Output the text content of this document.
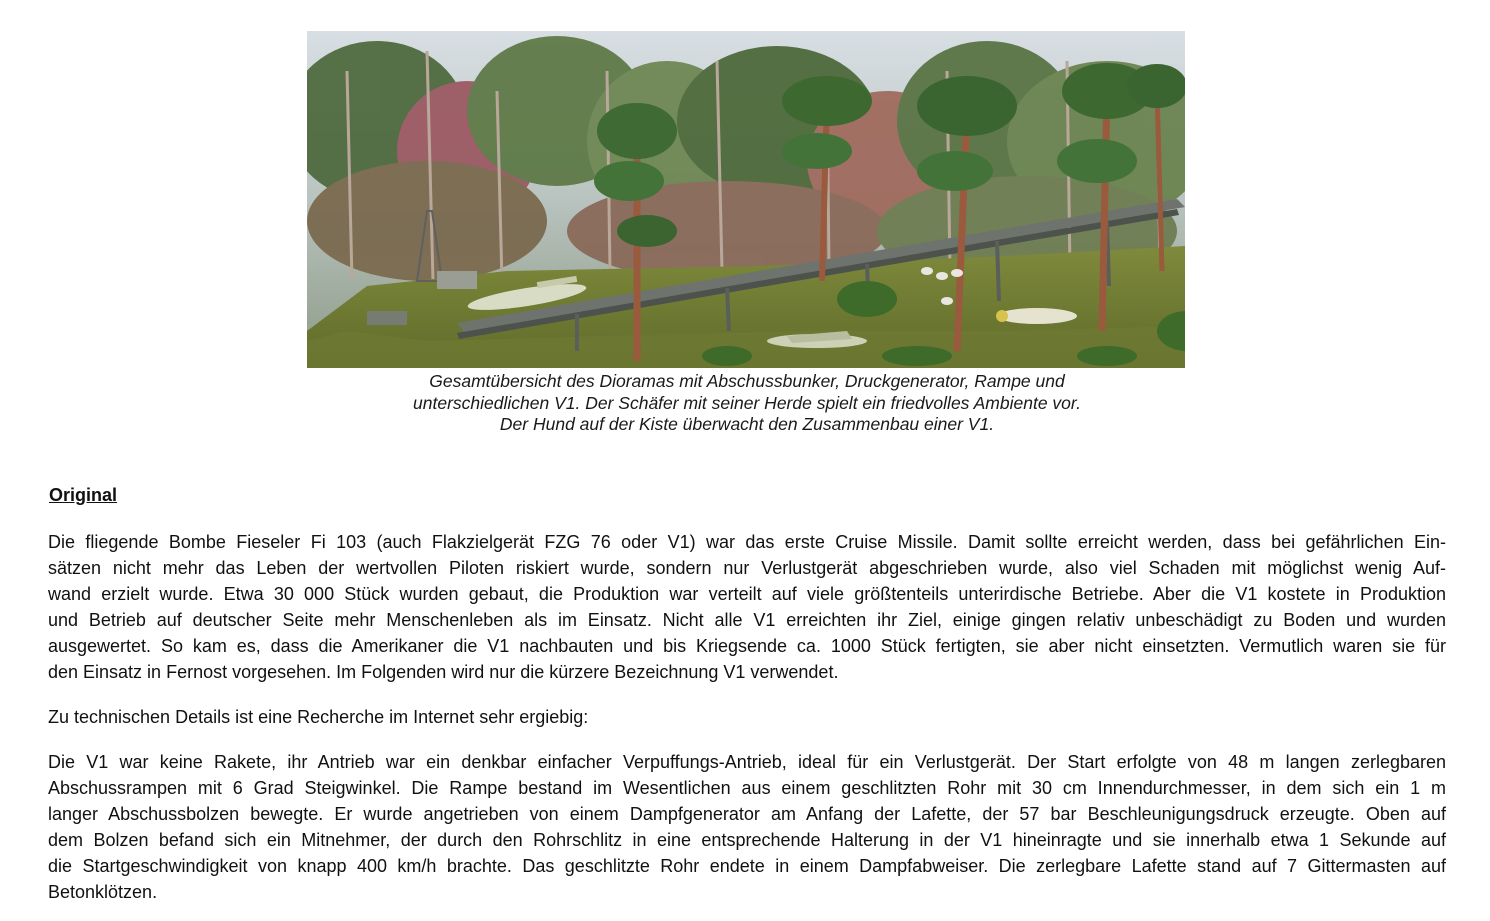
Gesamtübersicht des Dioramas mit Abschussbunker, Druckgenerator, Rampe und
unterschiedlichen V1. Der Schäfer mit seiner Herde spielt ein friedvolles Ambiente vor.
Der Hund auf der Kiste überwacht den Zusammenbau einer V1.
Original
Die fliegende Bombe Fieseler Fi 103 (auch Flakzielgerät FZG 76 oder V1) war das erste Cruise Missile. Damit sollte erreicht werden, dass bei gefährlichen Ein-
sätzen nicht mehr das Leben der wertvollen Piloten riskiert wurde, sondern nur Verlustgerät abgeschrieben wurde, also viel Schaden mit möglichst wenig Auf-
wand erzielt wurde. Etwa 30 000 Stück wurden gebaut, die Produktion war verteilt auf viele größtenteils unterirdische Betriebe. Aber die V1 kostete in Produktion
und Betrieb auf deutscher Seite mehr Menschenleben als im Einsatz. Nicht alle V1 erreichten ihr Ziel, einige gingen relativ unbeschädigt zu Boden und wurden
ausgewertet. So kam es, dass die Amerikaner die V1 nachbauten und bis Kriegsende ca. 1000 Stück fertigten, sie aber nicht einsetzten. Vermutlich waren sie für
den Einsatz in Fernost vorgesehen. Im Folgenden wird nur die kürzere Bezeichnung V1 verwendet.
Zu technischen Details ist eine Recherche im Internet sehr ergiebig:
Die V1 war keine Rakete, ihr Antrieb war ein denkbar einfacher Verpuffungs-Antrieb, ideal für ein Verlustgerät. Der Start erfolgte von 48 m langen zerlegbaren
Abschussrampen mit 6 Grad Steigwinkel. Die Rampe bestand im Wesentlichen aus einem geschlitzten Rohr mit 30 cm Innendurchmesser, in dem sich ein 1 m
langer Abschussbolzen bewegte. Er wurde angetrieben von einem Dampfgenerator am Anfang der Lafette, der 57 bar Beschleunigungsdruck erzeugte. Oben auf
dem Bolzen befand sich ein Mitnehmer, der durch den Rohrschlitz in eine entsprechende Halterung in der V1 hineinragte und sie innerhalb etwa 1 Sekunde auf
die Startgeschwindigkeit von knapp 400 km/h brachte. Das geschlitzte Rohr endete in einem Dampfabweiser. Die zerlegbare Lafette stand auf 7 Gittermasten auf
Betonklötzen.
